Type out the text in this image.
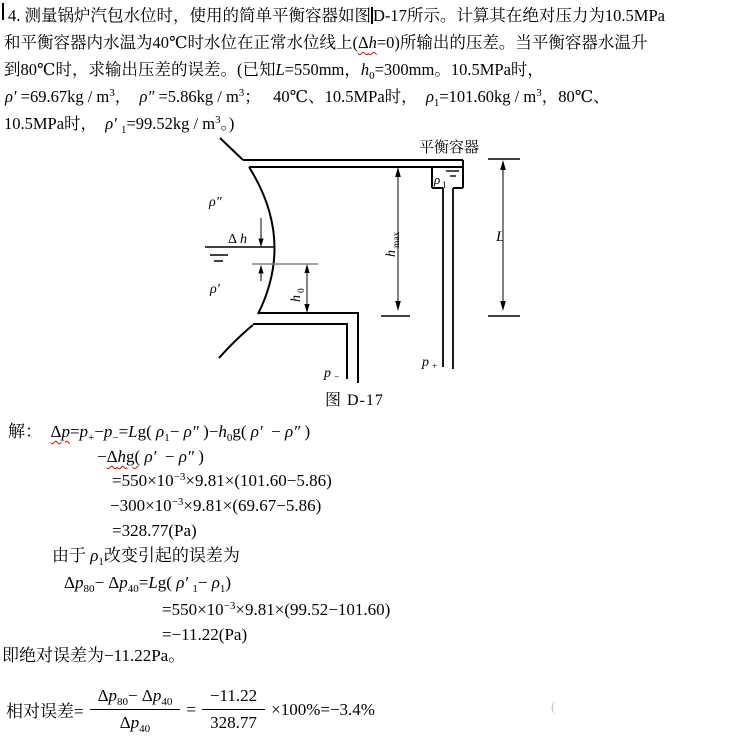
4. 测量锅炉汽包水位时，使用的简单平衡容器如图 D-17所示。计算其在绝对压力为10.5MPa
和平衡容器内水温为40℃时水位在正常水位线上(Δh=0)所输出的压差。当平衡容器水温升
到80℃时，求输出压差的误差。(已知L=550mm，$h_0=300mm$。10.5MPa时，
$\rho' =69.67kg / m^3$，  $\rho'' =5.86kg / m^3$；   40℃、10.5MPa时，  $\rho_1=101.60kg / m^3$，80℃、
10.5MPa时，  ρ′ $_1=99.52kg / m^3$。)
平衡容器
ρ″
ρ′
Δ h
h
0
h
max	L
ρ 1
p −
p +
图 D-17
解：  $\Delta p=p_+-p_-=Lg$( $\rho_1- \rho''$ )$-h_0g$( ρ′  − ρ″ )
−Δhg( ρ′  − ρ″ )
$=550\times 10^{-3}\times 9.81\times(101.60-5.86)$
$-300\times 10^{-3}\times 9.81\times(69.67-5.86)$
=328.77(Pa)
由于 $\rho_1$改变引起的误差为
$\Delta p_{80}- \Delta p_{40}=Lg$( ρ′ $_1- \rho_1$)
$=550\times 10^{-3}\times 9.81\times(99.52-101.60)$
=−11.22(Pa)
即绝对误差为−11.22Pa。
相对误差= $\frac{\Delta p_{80}- \Delta p_{40}}{\Delta p_{40}} = \frac{-11.22}{328.77} \times 100\%=-3.4\%$	(
